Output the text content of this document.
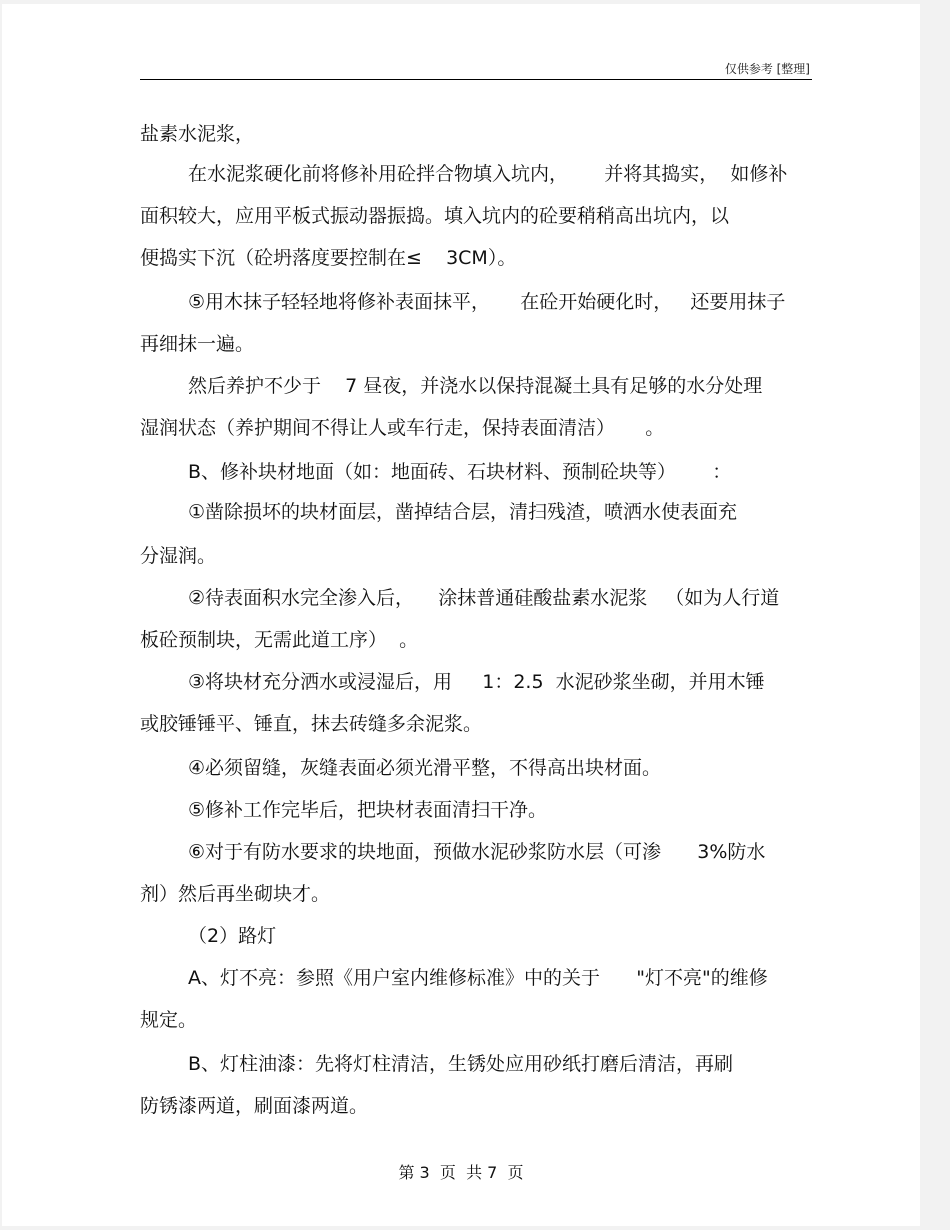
仅供参考 [整理]
盐素水泥浆，
在水泥浆硬化前将修补用砼拌合物填入坑内，      并将其捣实，  如修补
面积较大，应用平板式振动器振捣。填入坑内的砼要稍稍高出坑内，以
便捣实下沉（砼坍落度要控制在≤    3CM）。
⑤用木抹子轻轻地将修补表面抹平，     在砼开始硬化时，   还要用抹子
再细抹一遍。
然后养护不少于    7 昼夜，并浇水以保持混凝土具有足够的水分处理
湿润状态（养护期间不得让人或车行走，保持表面清洁）     。
B、修补块材地面（如：地面砖、石块材料、预制砼块等）      ：
①凿除损坏的块材面层，凿掉结合层，清扫残渣，喷洒水使表面充
分湿润。
②待表面积水完全渗入后，    涂抹普通硅酸盐素水泥浆   （如为人行道
板砼预制块，无需此道工序）  。
③将块材充分洒水或浸湿后，用     1：2.5  水泥砂浆坐砌，并用木锤
或胶锤锤平、锤直，抹去砖缝多余泥浆。
④必须留缝，灰缝表面必须光滑平整，不得高出块材面。
⑤修补工作完毕后，把块材表面清扫干净。
⑥对于有防水要求的块地面，预做水泥砂浆防水层（可渗      3%防水
剂）然后再坐砌块才。
（2）路灯
A、灯不亮：参照《用户室内维修标准》中的关于      "灯不亮"的维修
规定。
B、灯柱油漆：先将灯柱清洁，生锈处应用砂纸打磨后清洁，再刷
防锈漆两道，刷面漆两道。
第 3  页  共 7  页
